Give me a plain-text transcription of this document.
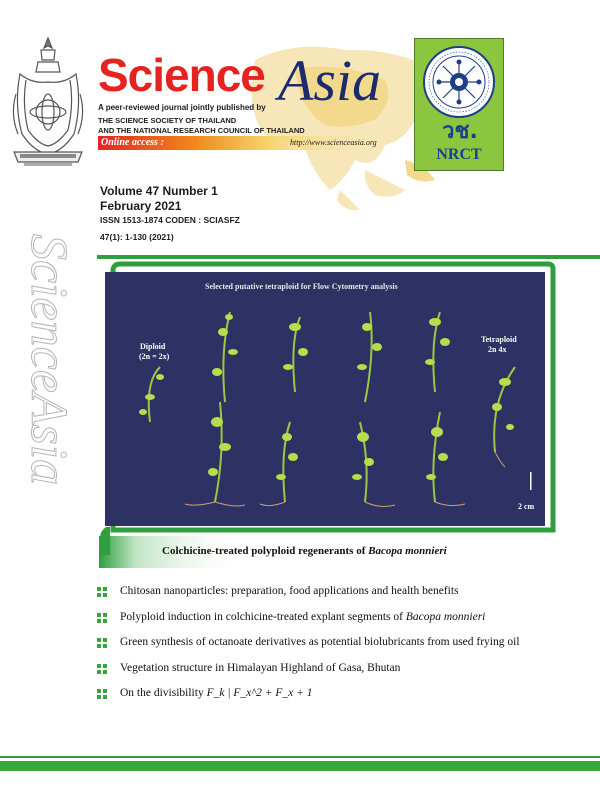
Science Asia
A peer-reviewed journal jointly published by
THE SCIENCE SOCIETY OF THAILAND
AND THE NATIONAL RESEARCH COUNCIL OF THAILAND
Online access :	http://www.scienceasia.org	วช.
NRCT
Volume 47 Number 1
February 2021
ISSN 1513-1874 CODEN : SCIASFZ
47(1): 1-130 (2021)
ScienceAsia	Selected putative tetraploid for Flow Cytometry analysis
Diploid
(2n = 2x)
Tetraploid
2n 4x
2 cm
Colchicine-treated polyploid regenerants of Bacopa monnieri
Chitosan nanoparticles: preparation, food applications and health benefits
Polyploid induction in colchicine-treated explant segments of Bacopa monnieri
Green synthesis of octanoate derivatives as potential biolubricants from used frying oil
Vegetation structure in Himalayan Highland of Gasa, Bhutan
On the divisibility F_k | F_x^2 + F_x + 1
